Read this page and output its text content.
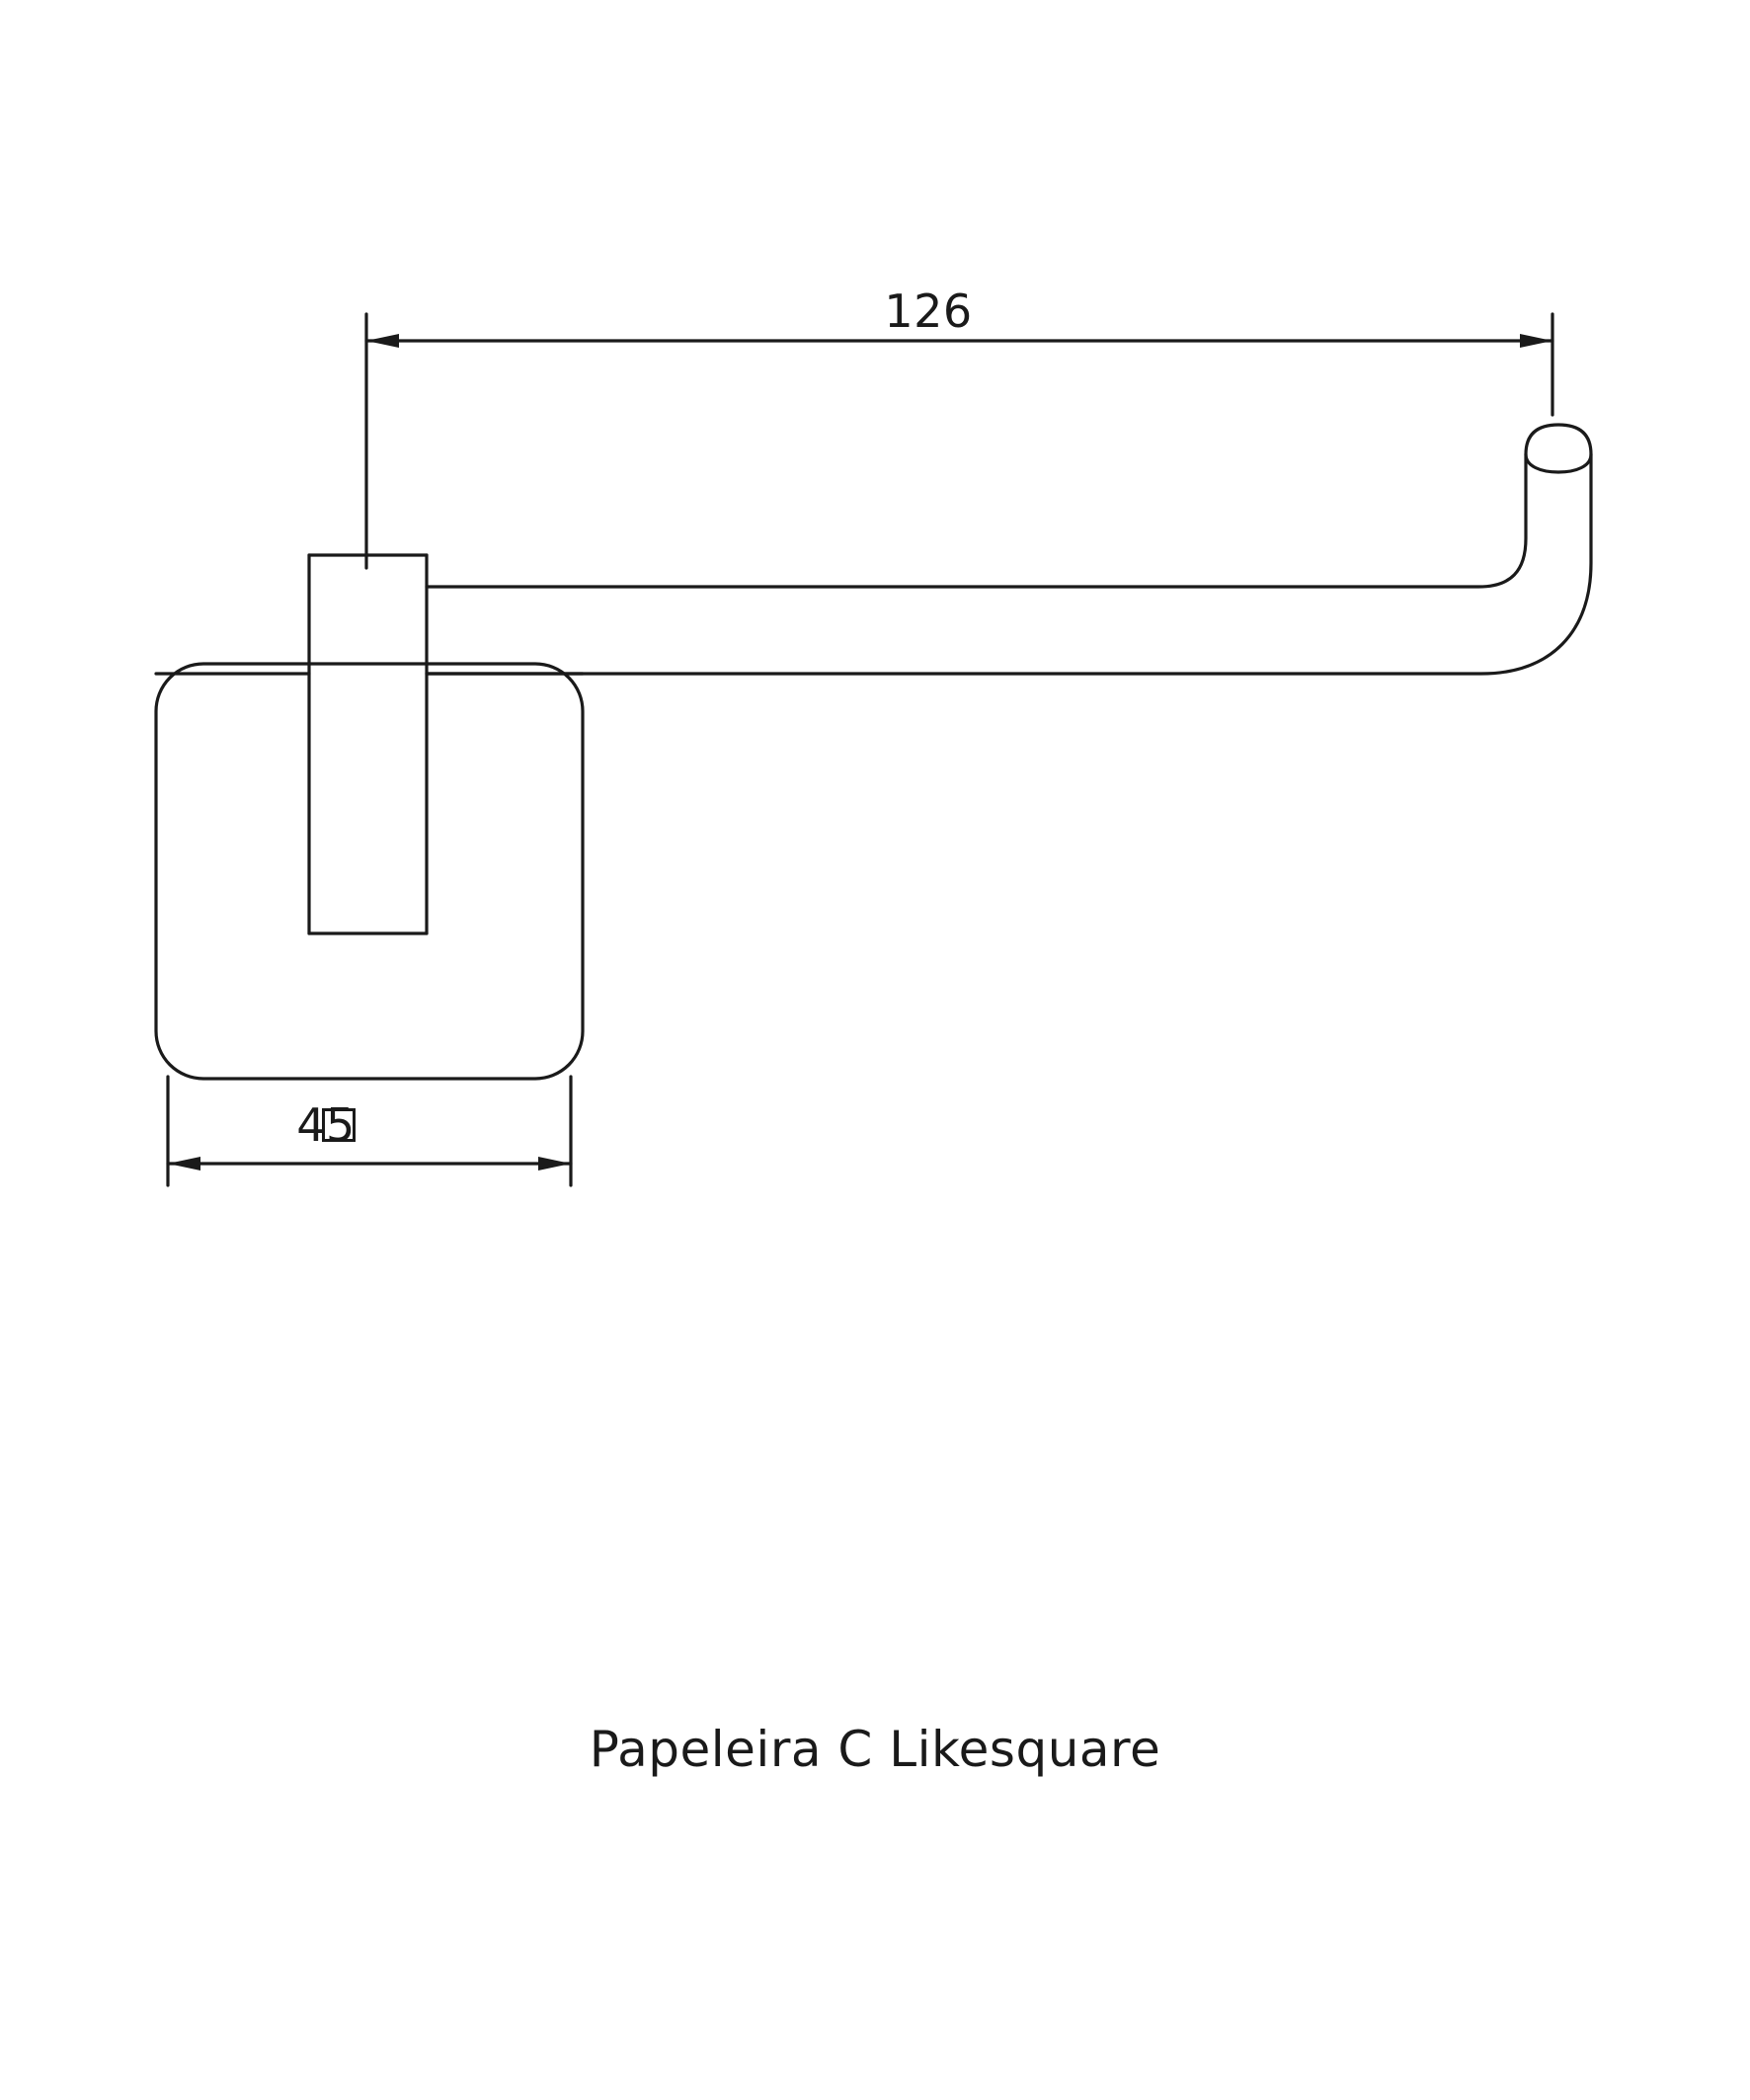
126
45
Papeleira C Likesquare
